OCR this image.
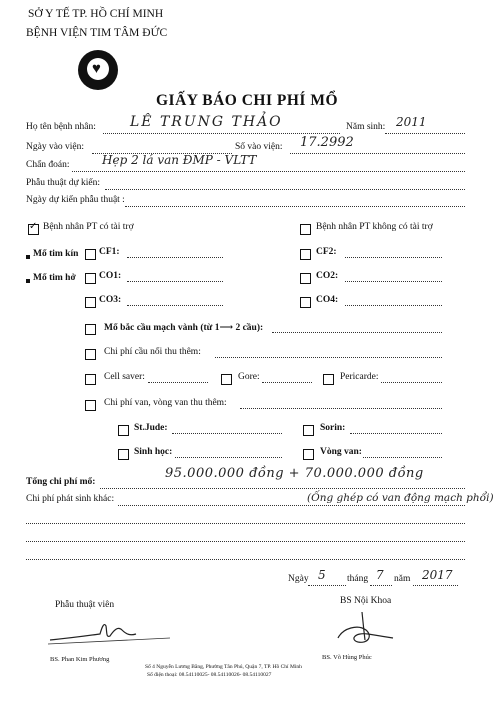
SỞ Y TẾ TP. HỒ CHÍ MINH
BỆNH VIỆN TIM TÂM ĐỨC
♥
GIẤY BÁO CHI PHÍ MỔ
Họ tên bệnh nhân: LÊ TRUNG THẢO	Năm sinh: 2011
Ngày vào viện:	Số vào viện: 17.2992
Chẩn đoán:	Hẹp 2 lá van ĐMP - VLTT
Phẫu thuật dự kiến:
Ngày dự kiến phẫu thuật :
✓
Bệnh nhân PT có tài trợ	Bệnh nhân PT không có tài trợ
Mổ tim kín CF1:	CF2:
Mổ tim hở CO1:	CO2:
CO3:	CO4:
Mổ bắc cầu mạch vành (từ 1⟶ 2 cầu):
Chi phí cầu nối thu thêm:
Cell saver:	Gore:	Pericarde:
Chi phí van, vòng van thu thêm:
St.Jude:	Sorin:
Sinh học:	Vòng van:
Tổng chi phí mổ:
95.000.000 đồng + 70.000.000 đồng
Chi phí phát sinh khác:	(Ống ghép có van động mạch phổi)
Ngày 5 tháng 7 năm 2017
Phẫu thuật viên	BS Nội Khoa
BS. Phan Kim Phương	BS. Võ Hùng Phúc
Số 4 Nguyễn Lương Bằng, Phường Tân Phú, Quận 7, TP. Hồ Chí Minh
Số điện thoại: 08.54110025- 08.54110026- 08.54110027
